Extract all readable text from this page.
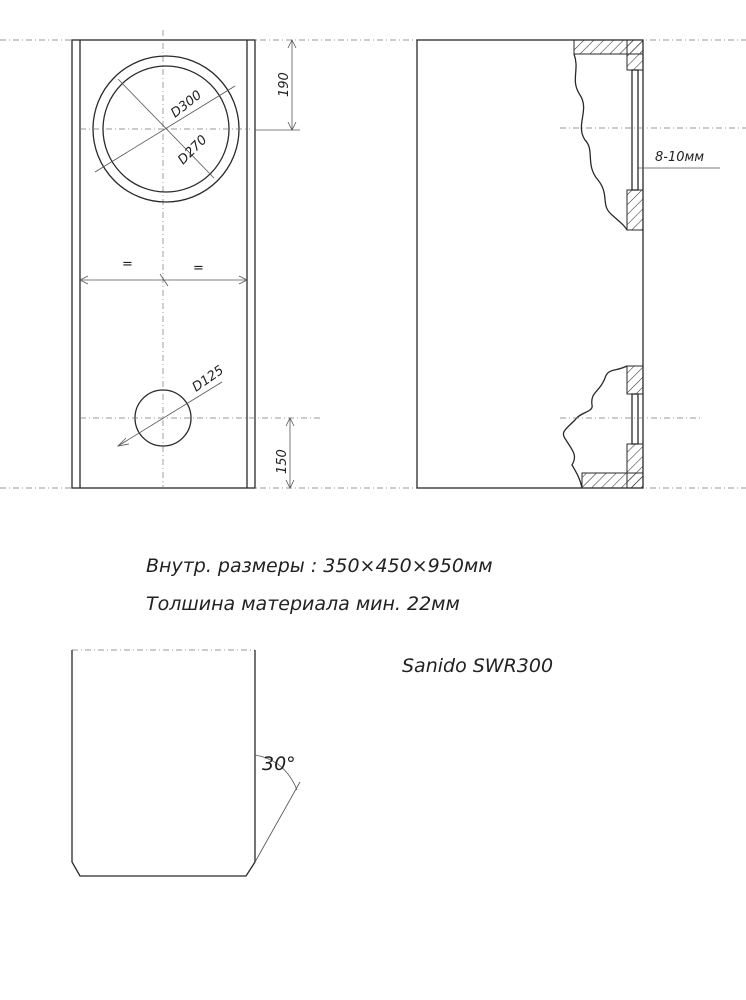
D300
D270
190
=	=
D125
150
8-10мм
Внутр. размеры : 350×450×950мм
Толшина материала мин. 22мм
Sanido SWR300
30°
